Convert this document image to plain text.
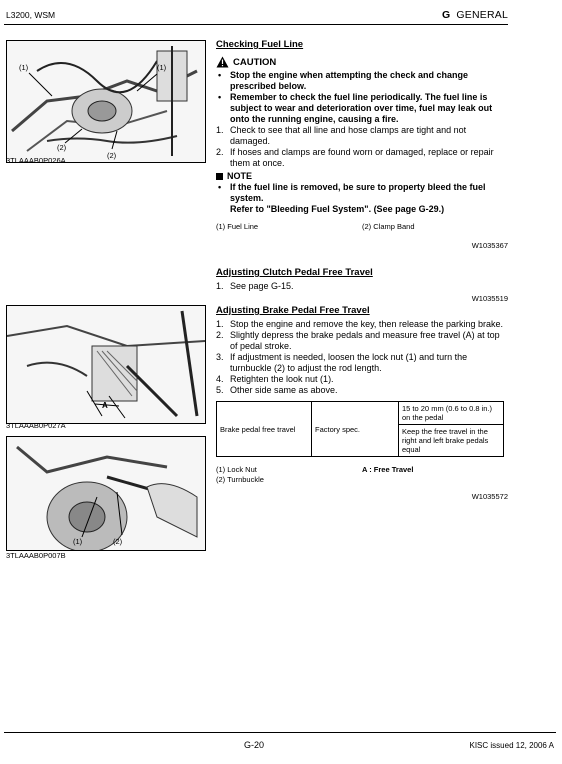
L3200, WSM	G GENERAL
(1)	(1)
(2)
(2)
3TLAAAB0P026A
A
3TLAAAB0P027A
(1)	(2)
3TLAAAB0P007B
Checking Fuel Line
CAUTION
• Stop the engine when attempting the check and change prescribed below.
• Remember to check the fuel line periodically. The fuel line is subject to wear and deterioration over time, fuel may leak out onto the running engine, causing a fire.
1. Check to see that all line and hose clamps are tight and not damaged.
2. If hoses and clamps are found worn or damaged, replace or repair them at once.
NOTE
• If the fuel line is removed, be sure to property bleed the fuel system.
Refer to "Bleeding Fuel System". (See page G-29.)
(1) Fuel Line	(2) Clamp Band
W1035367
Adjusting Clutch Pedal Free Travel
1. See page G-15.
W1035519
Adjusting Brake Pedal Free Travel
1. Stop the engine and remove the key, then release the parking brake.
2. Slightly depress the brake pedals and measure free travel (A) at top of pedal stroke.
3. If adjustment is needed, loosen the lock nut (1) and turn the turnbuckle (2) to adjust the rod length.
4. Retighten the look nut (1).
5. Other side same as above.
Brake pedal free travel	Factory spec.	15 to 20 mm (0.6 to 0.8 in.) on the pedal
Keep the free travel in the right and left brake pedals equal
(1) Lock Nut
(2) Turnbuckle
A : Free Travel
W1035572
G-20	KISC issued 12, 2006 A
